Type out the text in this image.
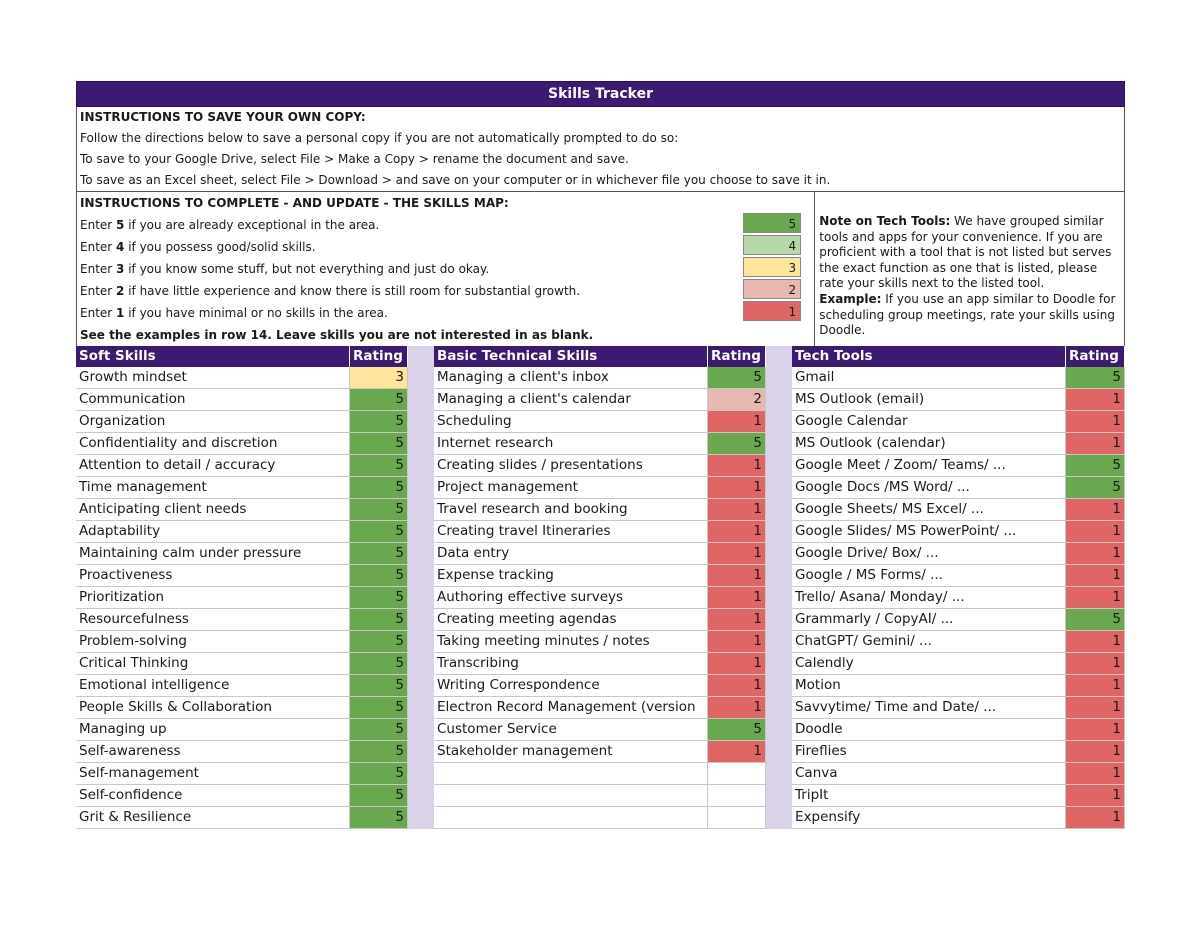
Skills Tracker
INSTRUCTIONS TO SAVE YOUR OWN COPY:
Follow the directions below to save a personal copy if you are not automatically prompted to do so:
To save to your Google Drive, select File > Make a Copy > rename the document and save.
To save as an Excel sheet, select File > Download > and save on your computer or in whichever file you choose to save it in.
INSTRUCTIONS TO COMPLETE - AND UPDATE - THE SKILLS MAP:
Enter 5 if you are already exceptional in the area.
Enter 4 if you possess good/solid skills.
Enter 3 if you know some stuff, but not everything and just do okay.
Enter 2 if have little experience and know there is still room for substantial growth.
Enter 1 if you have minimal or no skills in the area.
See the examples in row 14. Leave skills you are not interested in as blank.
5
4
3
2
1
Note on Tech Tools: We have grouped similar tools and apps for your convenience. If you are proficient with a tool that is not listed but serves the exact function as one that is listed, please rate your skills next to the listed tool.
Example: If you use an app similar to Doodle for scheduling group meetings, rate your skills using Doodle.
Soft Skills
Growth mindset
Communication
Organization
Confidentiality and discretion
Attention to detail / accuracy
Time management
Anticipating client needs
Adaptability
Maintaining calm under pressure
Proactiveness
Prioritization
Resourcefulness
Problem-solving
Critical Thinking
Emotional intelligence
People Skills & Collaboration
Managing up
Self-awareness
Self-management
Self-confidence
Grit & Resilience
Rating
3
5
5
5
5
5
5
5
5
5
5
5
5
5
5
5
5
5
5
5
5
Basic Technical Skills
Managing a client's inbox
Managing a client's calendar
Scheduling
Internet research
Creating slides / presentations
Project management
Travel research and booking
Creating travel Itineraries
Data entry
Expense tracking
Authoring effective surveys
Creating meeting agendas
Taking meeting minutes / notes
Transcribing
Writing Correspondence
Electron Record Management (version
Customer Service
Stakeholder management
Rating
5
2
1
5
1
1
1
1
1
1
1
1
1
1
1
1
5
1
Tech Tools
Gmail
MS Outlook (email)
Google Calendar
MS Outlook (calendar)
Google Meet / Zoom/ Teams/ ...
Google Docs /MS Word/ ...
Google Sheets/ MS Excel/ ...
Google Slides/ MS PowerPoint/ ...
Google Drive/ Box/ ...
Google / MS Forms/ ...
Trello/ Asana/ Monday/ ...
Grammarly / CopyAI/ ...
ChatGPT/ Gemini/ ...
Calendly
Motion
Savvytime/ Time and Date/ ...
Doodle
Fireflies
Canva
TripIt
Expensify
Rating
5
1
1
1
5
5
1
1
1
1
1
5
1
1
1
1
1
1
1
1
1
